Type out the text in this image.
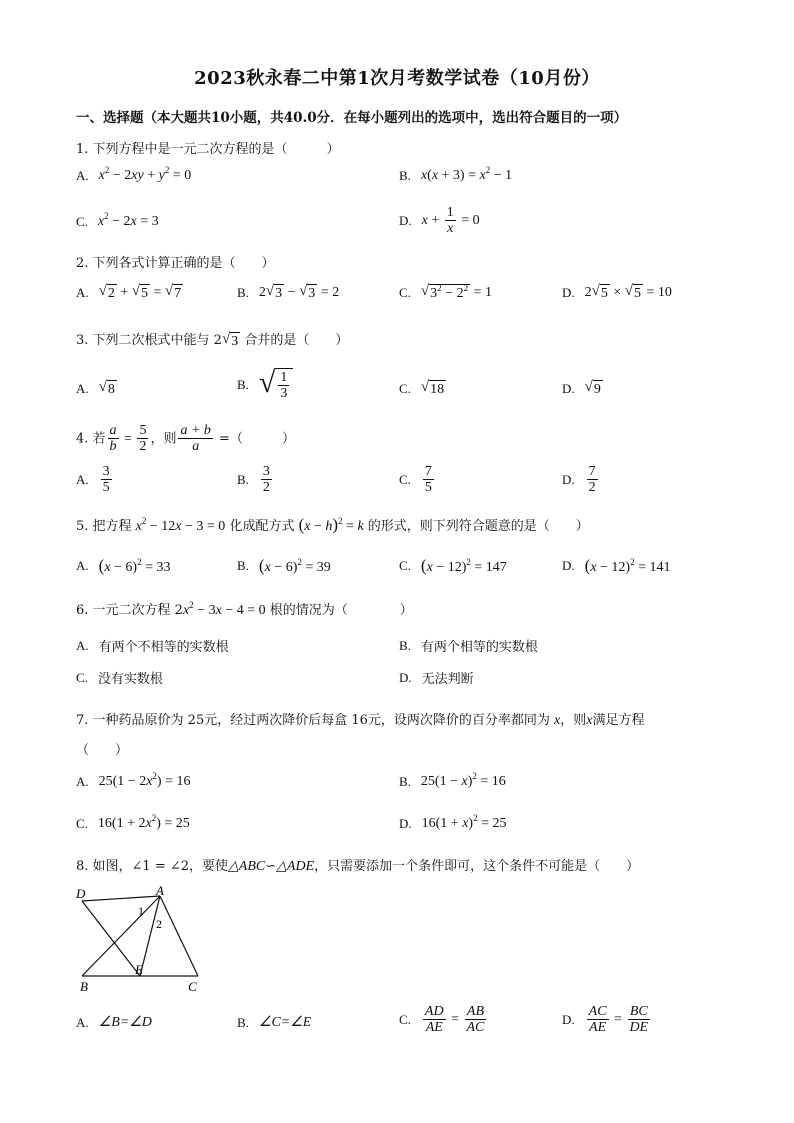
2023秋永春二中第1次月考数学试卷（10月份）
一、选择题（本大题共10小题，共40.0分．在每小题列出的选项中，选出符合题目的一项）
1. 下列方程中是一元二次方程的是（　　　）
A. $x^2 - 2xy + y^2 = 0$	B. $x(x + 3) = x^2 - 1$
C. $x^2 - 2x = 3$	D. $x + \frac{1}{x} = 0$
2. 下列各式计算正确的是（　　）
A. √ 2 + √ 5 = √ 7	B. 2 √ 3 − √ 3 = 2	C. √ $3^2 - 2^2 = 1$	D. 2 √ 5 × √ 5 = 10
3. 下列二次根式中能与 2 √ 3 合并的是（　　）
A. √ 8	B. √ $\frac{1}{3}$	C. √ 18	D. √ 9
4. 若 $\frac{a}{b} = \frac{5}{2}$ ，则 $\frac{a + b}{a}$ =（　　　）
A. $\frac{3}{5}$	B. $\frac{3}{2}$	C. $\frac{7}{5}$	D. $\frac{7}{2}$
5. 把方程 $x^2 - 12x - 3 = 0$ 化成配方式 $(x - h)^2 = k$ 的形式，则下列符合题意的是（　　）
A. $(x - 6)^2 = 33$	B. $(x - 6)^2 = 39$	C. $(x - 12)^2 = 147$	D. $(x - 12)^2 = 141$
6. 一元二次方程 $2x^2 - 3x - 4 = 0$ 根的情况为（　　　　）
A. 有两个不相等的实数根	B. 有两个相等的实数根
C. 没有实数根	D. 无法判断
7. 一种药品原价为 25元，经过两次降价后每盒 16元，设两次降价的百分率都同为 x，则x满足方程
（　　）
A. $25(1 - 2x^2) = 16$	B. $25(1 - x)^2 = 16$
C. $16(1 + 2x^2) = 25$	D. $16(1 + x)^2 = 25$
8. 如图，∠1 = ∠2，要使△ABC∽△ADE，只需要添加一个条件即可，这个条件不可能是（　　）
D	A
1
2
B
E
C
A. ∠B=∠D	B. ∠C=∠E	C. $\frac{AD}{AE} = \frac{AB}{AC}$	D. $\frac{AC}{AE} = \frac{BC}{DE}$
